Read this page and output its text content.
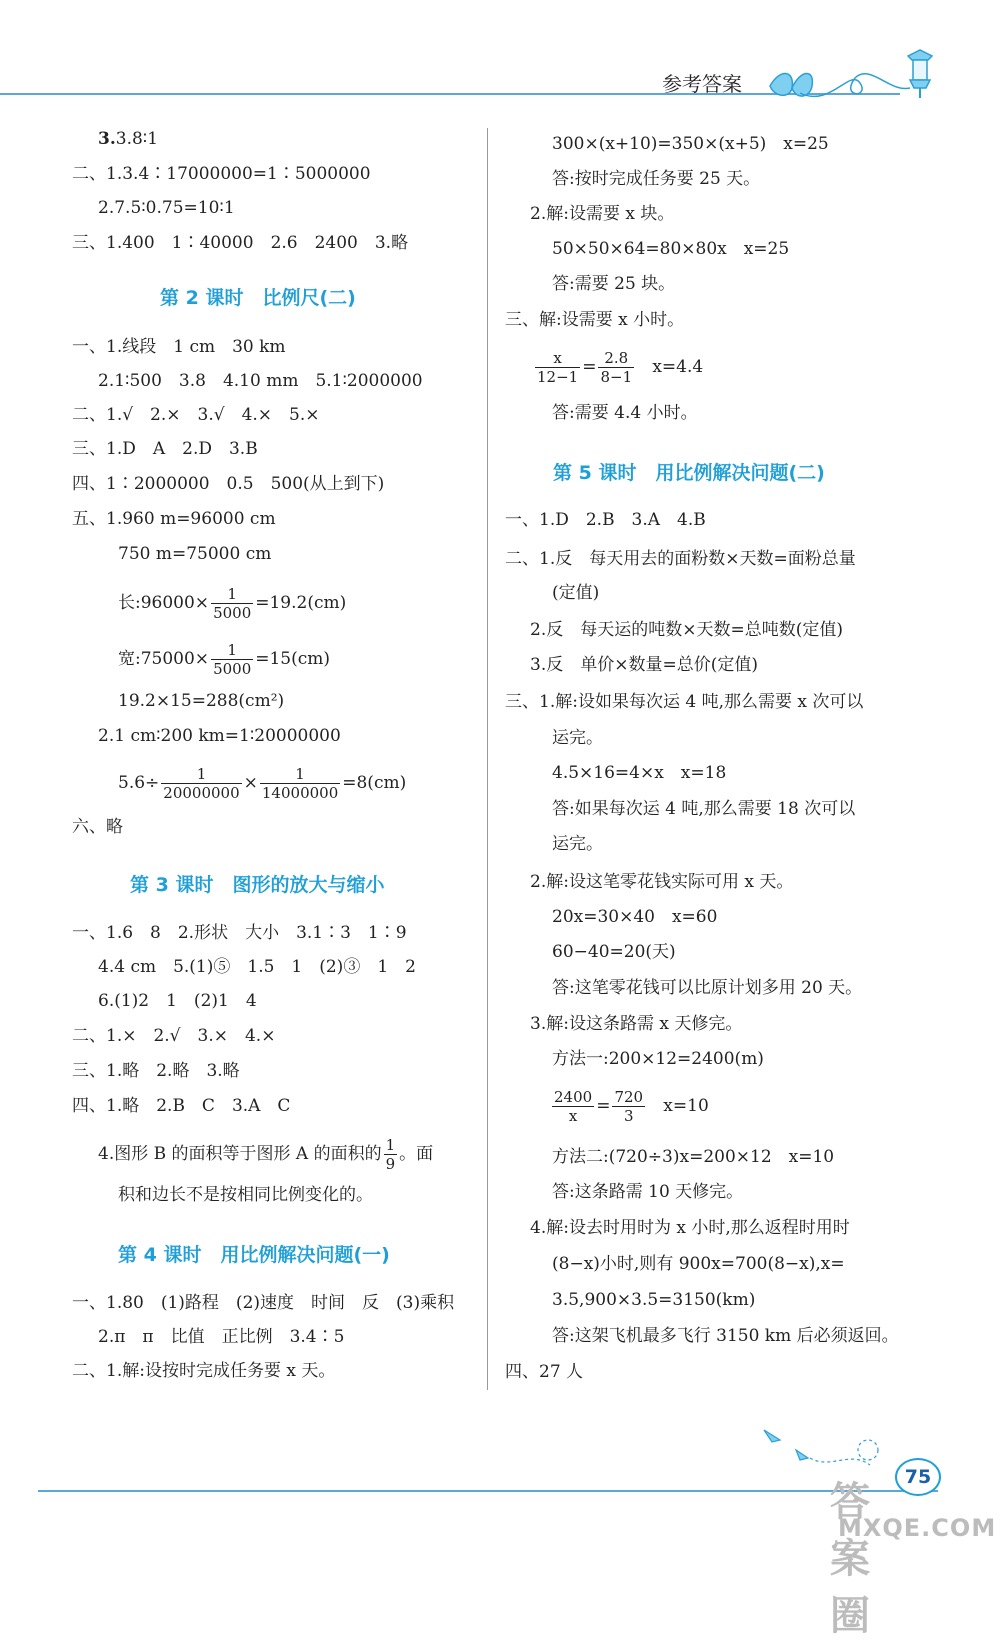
参考答案
3.3.8∶1
二、1.3.4∶17000000=1∶5000000
2.7.5∶0.75=10∶1
三、1.400　1∶40000　2.6　2400　3.略
第 2 课时　比例尺(二)
一、1.线段　1 cm　30 km
2.1∶500　3.8　4.10 mm　5.1∶2000000
二、1.√　2.×　3.√　4.×　5.×
三、1.D　A　2.D　3.B
四、1∶2000000　0.5　500(从上到下)
五、1.960 m=96000 cm
750 m=75000 cm
长:96000× $\frac{1}{5000} =19.2(cm)$
宽:75000× $\frac{1}{5000} =15(cm)$
19.2×15=288(cm²)
2.1 cm∶200 km=1∶20000000
$5.6\div \frac{1}{20000000} \times \frac{1}{14000000} =8(cm)$
六、略
第 3 课时　图形的放大与缩小
一、1.6　8　2.形状　大小　3.1∶3　1∶9
4.4 cm　5.(1)⑤　1.5　1　(2)③　1　2
6.(1)2　1　(2)1　4
二、1.×　2.√　3.×　4.×
三、1.略　2.略　3.略
四、1.略　2.B　C　3.A　C
4.图形 B 的面积等于图形 A 的面积的 $\frac{1}{9}$ 。面
积和边长不是按相同比例变化的。
第 4 课时　用比例解决问题(一)
一、1.80　(1)路程　(2)速度　时间　反　(3)乘积
2.π　π　比值　正比例　3.4∶5
二、1.解:设按时完成任务要 x 天。
300×(x+10)=350×(x+5)　x=25
答:按时完成任务要 25 天。
2.解:设需要 x 块。
50×50×64=80×80x　x=25
答:需要 25 块。
三、解:设需要 x 小时。
$\frac{x}{12-1} = \frac{2.8}{8-1} x=4.4$
答:需要 4.4 小时。
第 5 课时　用比例解决问题(二)
一、1.D　2.B　3.A　4.B
二、1.反　每天用去的面粉数×天数=面粉总量
(定值)
2.反　每天运的吨数×天数=总吨数(定值)
3.反　单价×数量=总价(定值)
三、1.解:设如果每次运 4 吨,那么需要 x 次可以
运完。
4.5×16=4×x　x=18
答:如果每次运 4 吨,那么需要 18 次可以
运完。
2.解:设这笔零花钱实际可用 x 天。
20x=30×40　x=60
60−40=20(天)
答:这笔零花钱可以比原计划多用 20 天。
3.解:设这条路需 x 天修完。
方法一:200×12=2400(m)
$\frac{2400}{x} = \frac{720}{3} x=10$
方法二:(720÷3)x=200×12　x=10
答:这条路需 10 天修完。
4.解:设去时用时为 x 小时,那么返程时用时
(8−x)小时,则有 900x=700(8−x),x=
3.5,900×3.5=3150(km)
答:这架飞机最多飞行 3150 km 后必须返回。
四、27 人
75
答案圈
MXQE.COM
